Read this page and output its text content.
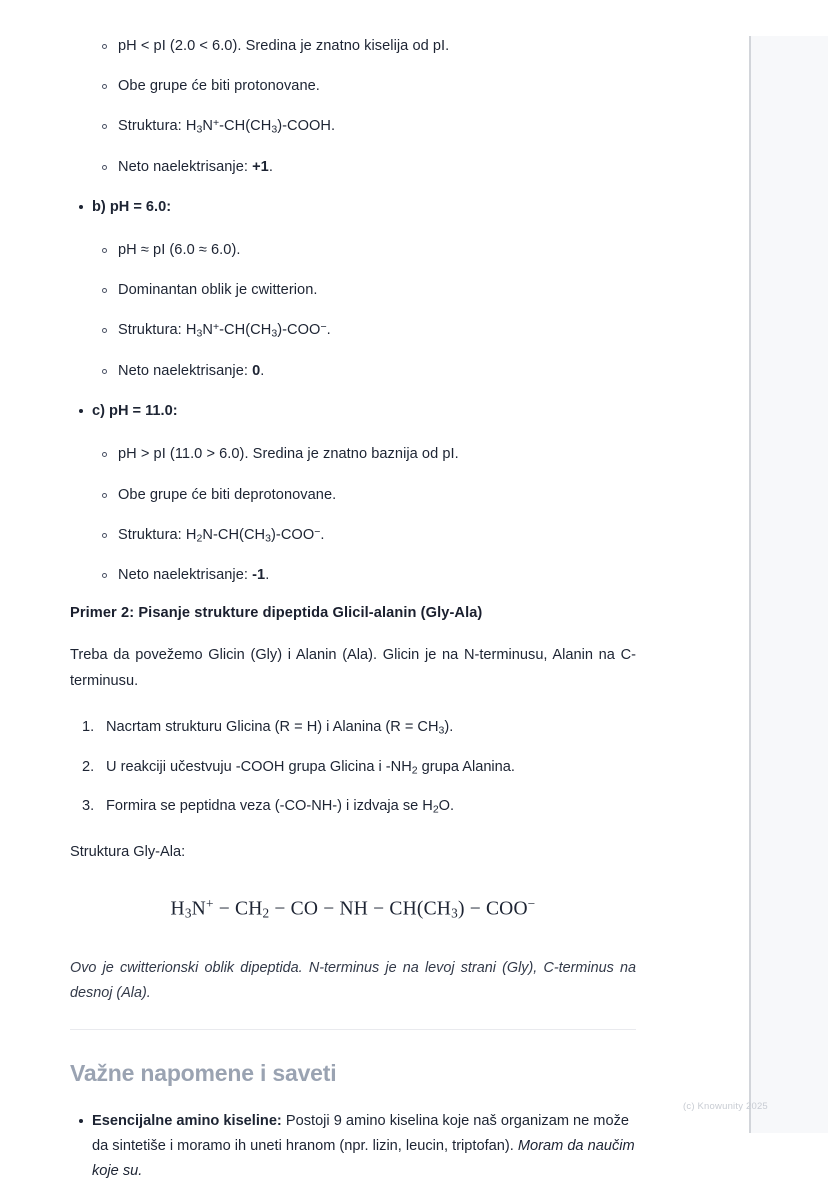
pH < pI (2.0 < 6.0). Sredina je znatno kiselija od pI.
Obe grupe će biti protonovane.
Struktura: $H_3N^+-CH(CH_3)$-COOH.
Neto naelektrisanje: +1.
b) pH = 6.0:
pH ≈ pI (6.0 ≈ 6.0).
Dominantan oblik je cwitterion.
Struktura: $H_3N^+-CH(CH_3)-COO^-$.
Neto naelektrisanje: 0.
c) pH = 11.0:
pH > pI (11.0 > 6.0). Sredina je znatno baznija od pI.
Obe grupe će biti deprotonovane.
Struktura: $H_2N-CH(CH_3)-COO^-$.
Neto naelektrisanje: -1.
Primer 2: Pisanje strukture dipeptida Glicil-alanin (Gly-Ala)

Treba da povežemo Glicin (Gly) i Alanin (Ala). Glicin je na N-terminusu, Alanin na C-terminusu.

Nacrtam strukturu Glicina (R = H) i Alanina $(R = CH_3)$.
U reakciji učestvuju -COOH grupa Glicina i $-NH_2$ grupa Alanina.
Formira se peptidna veza (-CO-NH-) i izdvaja se $H_2O$.

Struktura Gly-Ala:

$H_3N^+ - CH_2$ − CO − NH − $CH(CH_3) - COO^-$

Ovo je cwitterionski oblik dipeptida. N-terminus je na levoj strani (Gly), C-terminus na desnoj (Ala).

Važne napomene i saveti
Esencijalne amino kiseline: Postoji 9 amino kiselina koje naš organizam ne može da sintetiše i moramo ih uneti hranom (npr. lizin, leucin, triptofan). Moram da naučim koje su.
(c) Knowunity 2025
